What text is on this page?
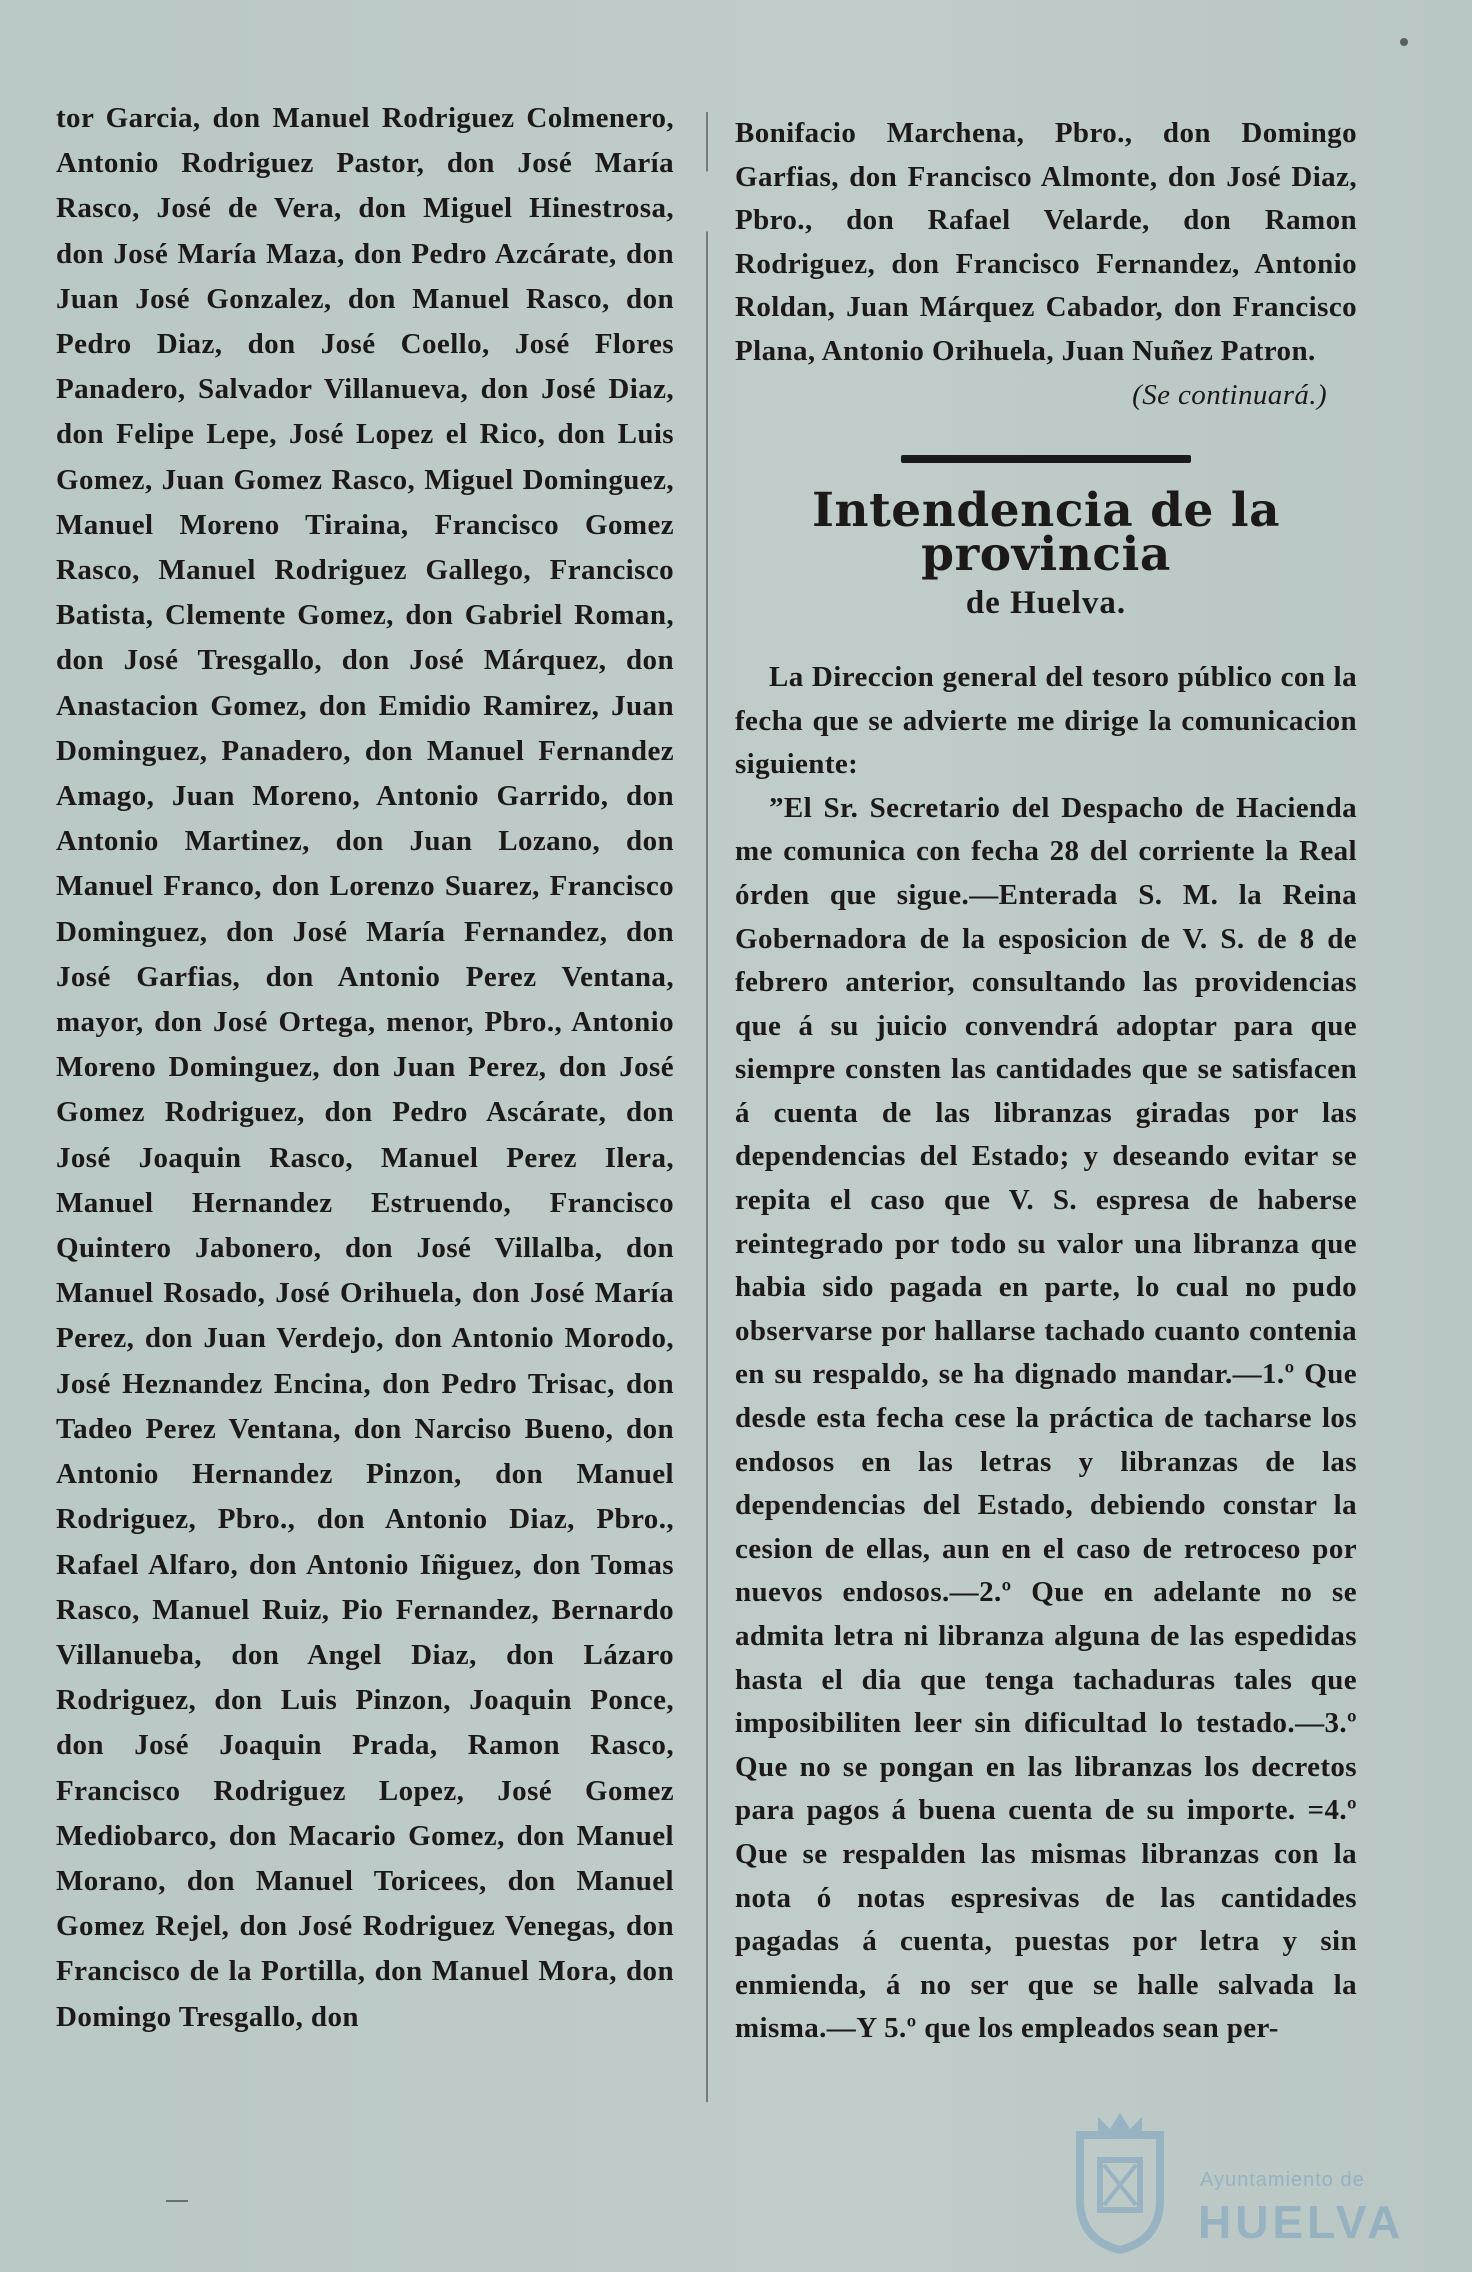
tor Garcia, don Manuel Rodriguez Colmenero, Antonio Rodriguez Pastor, don José María Rasco, José de Vera, don Miguel Hinestrosa, don José María Maza, don Pedro Azcárate, don Juan José Gonzalez, don Manuel Rasco, don Pedro Diaz, don José Coello, José Flores Panadero, Salvador Villanueva, don José Diaz, don Felipe Lepe, José Lopez el Rico, don Luis Gomez, Juan Gomez Rasco, Miguel Dominguez, Manuel Moreno Tiraina, Francisco Gomez Rasco, Manuel Rodriguez Gallego, Francisco Batista, Clemente Gomez, don Gabriel Roman, don José Tresgallo, don José Márquez, don Anastacion Gomez, don Emidio Ramirez, Juan Dominguez, Panadero, don Manuel Fernandez Amago, Juan Moreno, Antonio Garrido, don Antonio Martinez, don Juan Lozano, don Manuel Franco, don Lorenzo Suarez, Francisco Dominguez, don José María Fernandez, don José Garfias, don Antonio Perez Ventana, mayor, don José Ortega, menor, Pbro., Antonio Moreno Dominguez, don Juan Perez, don José Gomez Rodriguez, don Pedro Ascárate, don José Joaquin Rasco, Manuel Perez Ilera, Manuel Hernandez Estruendo, Francisco Quintero Jabonero, don José Villalba, don Manuel Rosado, José Orihuela, don José María Perez, don Juan Verdejo, don Antonio Morodo, José Heznandez Encina, don Pedro Trisac, don Tadeo Perez Ventana, don Narciso Bueno, don Antonio Hernandez Pinzon, don Manuel Rodriguez, Pbro., don Antonio Diaz, Pbro., Rafael Alfaro, don Antonio Iñiguez, don Tomas Rasco, Manuel Ruiz, Pio Fernandez, Bernardo Villanueba, don Angel Diaz, don Lázaro Rodriguez, don Luis Pinzon, Joaquin Ponce, don José Joaquin Prada, Ramon Rasco, Francisco Rodriguez Lopez, José Gomez Mediobarco, don Macario Gomez, don Manuel Morano, don Manuel Toricees, don Manuel Gomez Rejel, don José Rodriguez Venegas, don Francisco de la Portilla, don Manuel Mora, don Domingo Tresgallo, don

Bonifacio Marchena, Pbro., don Domingo Garfias, don Francisco Almonte, don José Diaz, Pbro., don Rafael Velarde, don Ramon Rodriguez, don Francisco Fernandez, Antonio Roldan, Juan Márquez Cabador, don Francisco Plana, Antonio Orihuela, Juan Nuñez Patron.

(Se continuará.)

Intendencia de la provincia
de Huelva.

La Direccion general del tesoro público con la fecha que se advierte me dirige la comunicacion siguiente:

”El Sr. Secretario del Despacho de Hacienda me comunica con fecha 28 del corriente la Real órden que sigue.—Enterada S. M. la Reina Gobernadora de la esposicion de V. S. de 8 de febrero anterior, consultando las providencias que á su juicio convendrá adoptar para que siempre consten las cantidades que se satisfacen á cuenta de las libranzas giradas por las dependencias del Estado; y deseando evitar se repita el caso que V. S. espresa de haberse reintegrado por todo su valor una libranza que habia sido pagada en parte, lo cual no pudo observarse por hallarse tachado cuanto contenia en su respaldo, se ha dignado mandar.—1.º Que desde esta fecha cese la práctica de tacharse los endosos en las letras y libranzas de las dependencias del Estado, debiendo constar la cesion de ellas, aun en el caso de retroceso por nuevos endosos.—2.º Que en adelante no se admita letra ni libranza alguna de las espedidas hasta el dia que tenga tachaduras tales que imposibiliten leer sin dificultad lo testado.—3.º Que no se pongan en las libranzas los decretos para pagos á buena cuenta de su importe. =4.º Que se respalden las mismas libranzas con la nota ó notas espresivas de las cantidades pagadas á cuenta, puestas por letra y sin enmienda, á no ser que se halle salvada la misma.—Y 5.º que los empleados sean per-

Ayuntamiento de
HUELVA
